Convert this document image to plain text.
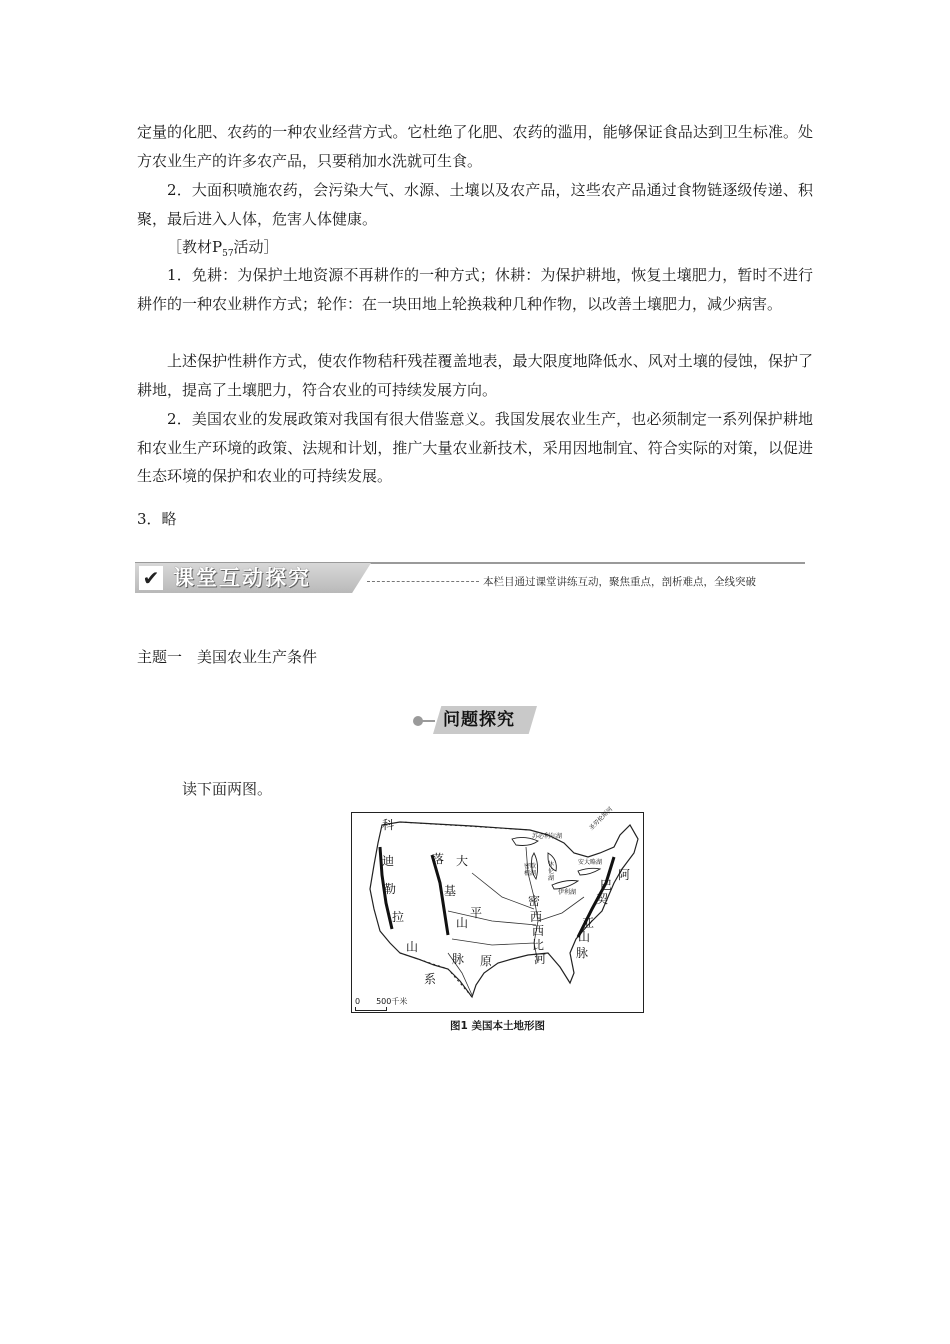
定量的化肥、农药的一种农业经营方式。它杜绝了化肥、农药的滥用，能够保证食品达到卫生标准。处方农业生产的许多农产品，只要稍加水洗就可生食。

2．大面积喷施农药，会污染大气、水源、土壤以及农产品，这些农产品通过食物链逐级传递、积聚，最后进入人体，危害人体健康。

［教材$P_{57}$活动］

1．免耕：为保护土地资源不再耕作的一种方式；休耕：为保护耕地，恢复土壤肥力，暂时不进行耕作的一种农业耕作方式；轮作：在一块田地上轮换栽种几种作物，以改善土壤肥力，减少病害。

上述保护性耕作方式，使农作物秸秆残茬覆盖地表，最大限度地降低水、风对土壤的侵蚀，保护了耕地，提高了土壤肥力，符合农业的可持续发展方向。

2．美国农业的发展政策对我国有很大借鉴意义。我国发展农业生产，也必须制定一系列保护耕地和农业生产环境的政策、法规和计划，推广大量农业新技术，采用因地制宜、符合实际的对策，以促进生态环境的保护和农业的可持续发展。

3．略

✔ 课堂互动探究	本栏目通过课堂讲练互动，聚焦重点，剖析难点，全线突破
主题一　美国农业生产条件
问题探究
读下面两图。
科
迪
勒
拉
山
系
落 大
基
山
脉
平
原
密
西
西
比
河
阿
巴
契
亚
山
脉
苏必利尔湖
密歇根湖
休伦湖
伊利湖
安大略湖
圣劳伦斯河
0　　500千米
图1 美国本土地形图
